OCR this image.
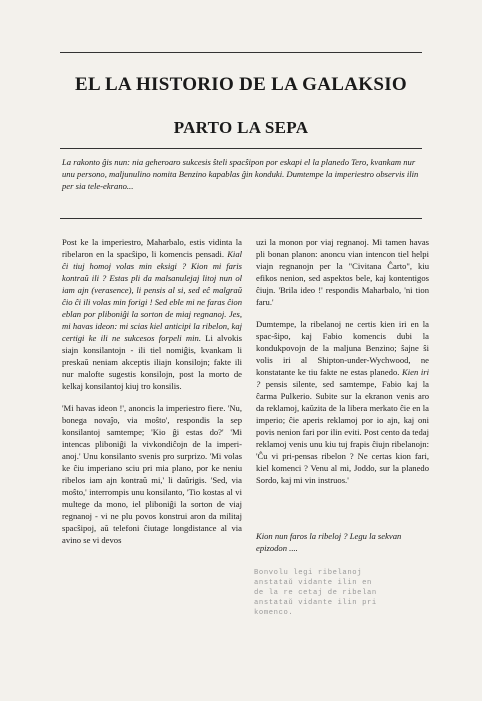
EL LA HISTORIO DE LA GALAKSIO
PARTO LA SEPA
La rakonto ĝis nun: nia geheroaro sukcesis ŝteli spacŝipon por eskapi el la planedo Tero, kvankam nur unu persono, maljunulino nomita Benzino kapablas ĝin konduki. Dumtempe la imperiestro observis ilin per sia tele-ekrano...

Post ke la imperiestro, Maharbalo, estis vidinta la ribelaron en la spacŝipo, li komencis pensadi. Kial ĉi tiuj homoj volas min eksigi ? Kion mi faris kontraŭ ili ? Estas pli da malsanulejaj litoj nun ol iam ajn (verasence), li pensis al si, sed eĉ malgraŭ ĉio ĉi ili volas min forigi ! Sed eble mi ne faras ĉion eblan por pliboniĝi la sorton de miaj regnanoj. Jes, mi havas ideon: mi scias kiel anticipi la ribelon, kaj certigi ke ili ne sukcesos forpeli min. Li alvokis siajn konsilantojn - ili tiel nomiĝis, kvankam li preskaŭ neniam akceptis iliajn konsilojn; fakte ili nur malofte sugestis konsilojn, post la morto de kelkaj konsilantoj kiuj tro konsilis.

'Mi havas ideon !', anoncis la imperiestro fiere. 'Nu, bonega novaĵo, via moŝto', respondis la sep konsilantoj samtempe; 'Kio ĝi estas do?' 'Mi intencas pliboniĝi la vivkondiĉojn de la imperi-anoj.' Unu konsilanto svenis pro surprizo. 'Mi volas ke ĉiu imperiano sciu pri mia plano, por ke neniu ribelos iam ajn kontraŭ mi,' li daŭrigis. 'Sed, via moŝto,' interrompis unu konsilanto, 'Tio kostas al vi multege da mono, iel pliboniĝi la sorton de viaj regnanoj - vi ne plu povos konstrui aron da militaj spacŝipoj, aŭ telefoni ĉiutage longdistance al via avino se vi devos

uzi la monon por viaj regnanoj. Mi tamen havas pli bonan planon: anoncu vian intencon tiel helpi viajn regnanojn per la "Civitana Ĉarto", kiu efikos nenion, sed aspektos bele, kaj kontentigos ĉiujn. 'Brila ideo !' respondis Maharbalo, 'ni tion faru.'

Dumtempe, la ribelanoj ne certis kien iri en la spac-ŝipo, kaj Fabio komencis dubi la kondukpovojn de la maljuna Benzino; ŝajne ŝi volis iri al Shipton-under-Wychwood, ne konstatante ke tiu fakte ne estas planedo. Kien iri ? pensis silente, sed samtempe, Fabio kaj la ĉarma Pulkerio. Subite sur la ekranon venis aro da reklamoj, kaŭzita de la libera merkato ĉie en la imperio; ĉie aperis reklamoj por io ajn, kaj oni povis nenion fari por ilin eviti. Post cento da tedaj reklamoj venis unu kiu tuj frapis ĉiujn ribelanojn: 'Ĉu vi pri-pensas ribelon ? Ne certas kion fari, kiel komenci ? Venu al mi, Joddo, sur la planedo Sordo, kaj mi vin instruos.'

Kion nun faros la ribeloj ? Legu la sekvan epizodon ....
Bonvolu legi ribelanoj
anstataŭ vidante ilin en
de la re cetaj de ribelan
anstataŭ vidante ilin pri
komenco.
